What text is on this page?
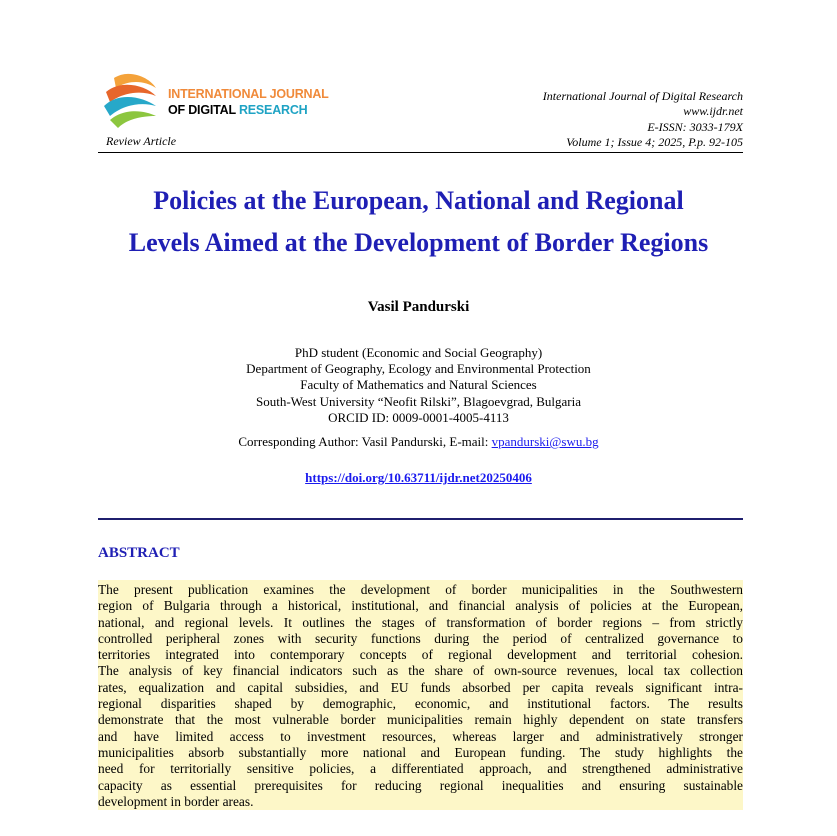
INTERNATIONAL JOURNAL
OF DIGITAL RESEARCH
Review Article
International Journal of Digital Research
www.ijdr.net
E-ISSN: 3033-179X
Volume 1; Issue 4; 2025, P.p. 92-105
Policies at the European, National and Regional
Levels Aimed at the Development of Border Regions
Vasil Pandurski
PhD student (Economic and Social Geography)
Department of Geography, Ecology and Environmental Protection
Faculty of Mathematics and Natural Sciences
South-West University “Neofit Rilski”, Blagoevgrad, Bulgaria
ORCID ID: 0009-0001-4005-4113
Corresponding Author: Vasil Pandurski, E-mail: vpandurski@swu.bg
https://doi.org/10.63711/ijdr.net20250406
ABSTRACT
The present publication examines the development of border municipalities in the Southwestern
region of Bulgaria through a historical, institutional, and financial analysis of policies at the European,
national, and regional levels. It outlines the stages of transformation of border regions – from strictly
controlled peripheral zones with security functions during the period of centralized governance to
territories integrated into contemporary concepts of regional development and territorial cohesion.
The analysis of key financial indicators such as the share of own-source revenues, local tax collection
rates, equalization and capital subsidies, and EU funds absorbed per capita reveals significant intra-
regional disparities shaped by demographic, economic, and institutional factors. The results
demonstrate that the most vulnerable border municipalities remain highly dependent on state transfers
and have limited access to investment resources, whereas larger and administratively stronger
municipalities absorb substantially more national and European funding. The study highlights the
need for territorially sensitive policies, a differentiated approach, and strengthened administrative
capacity as essential prerequisites for reducing regional inequalities and ensuring sustainable
development in border areas.
